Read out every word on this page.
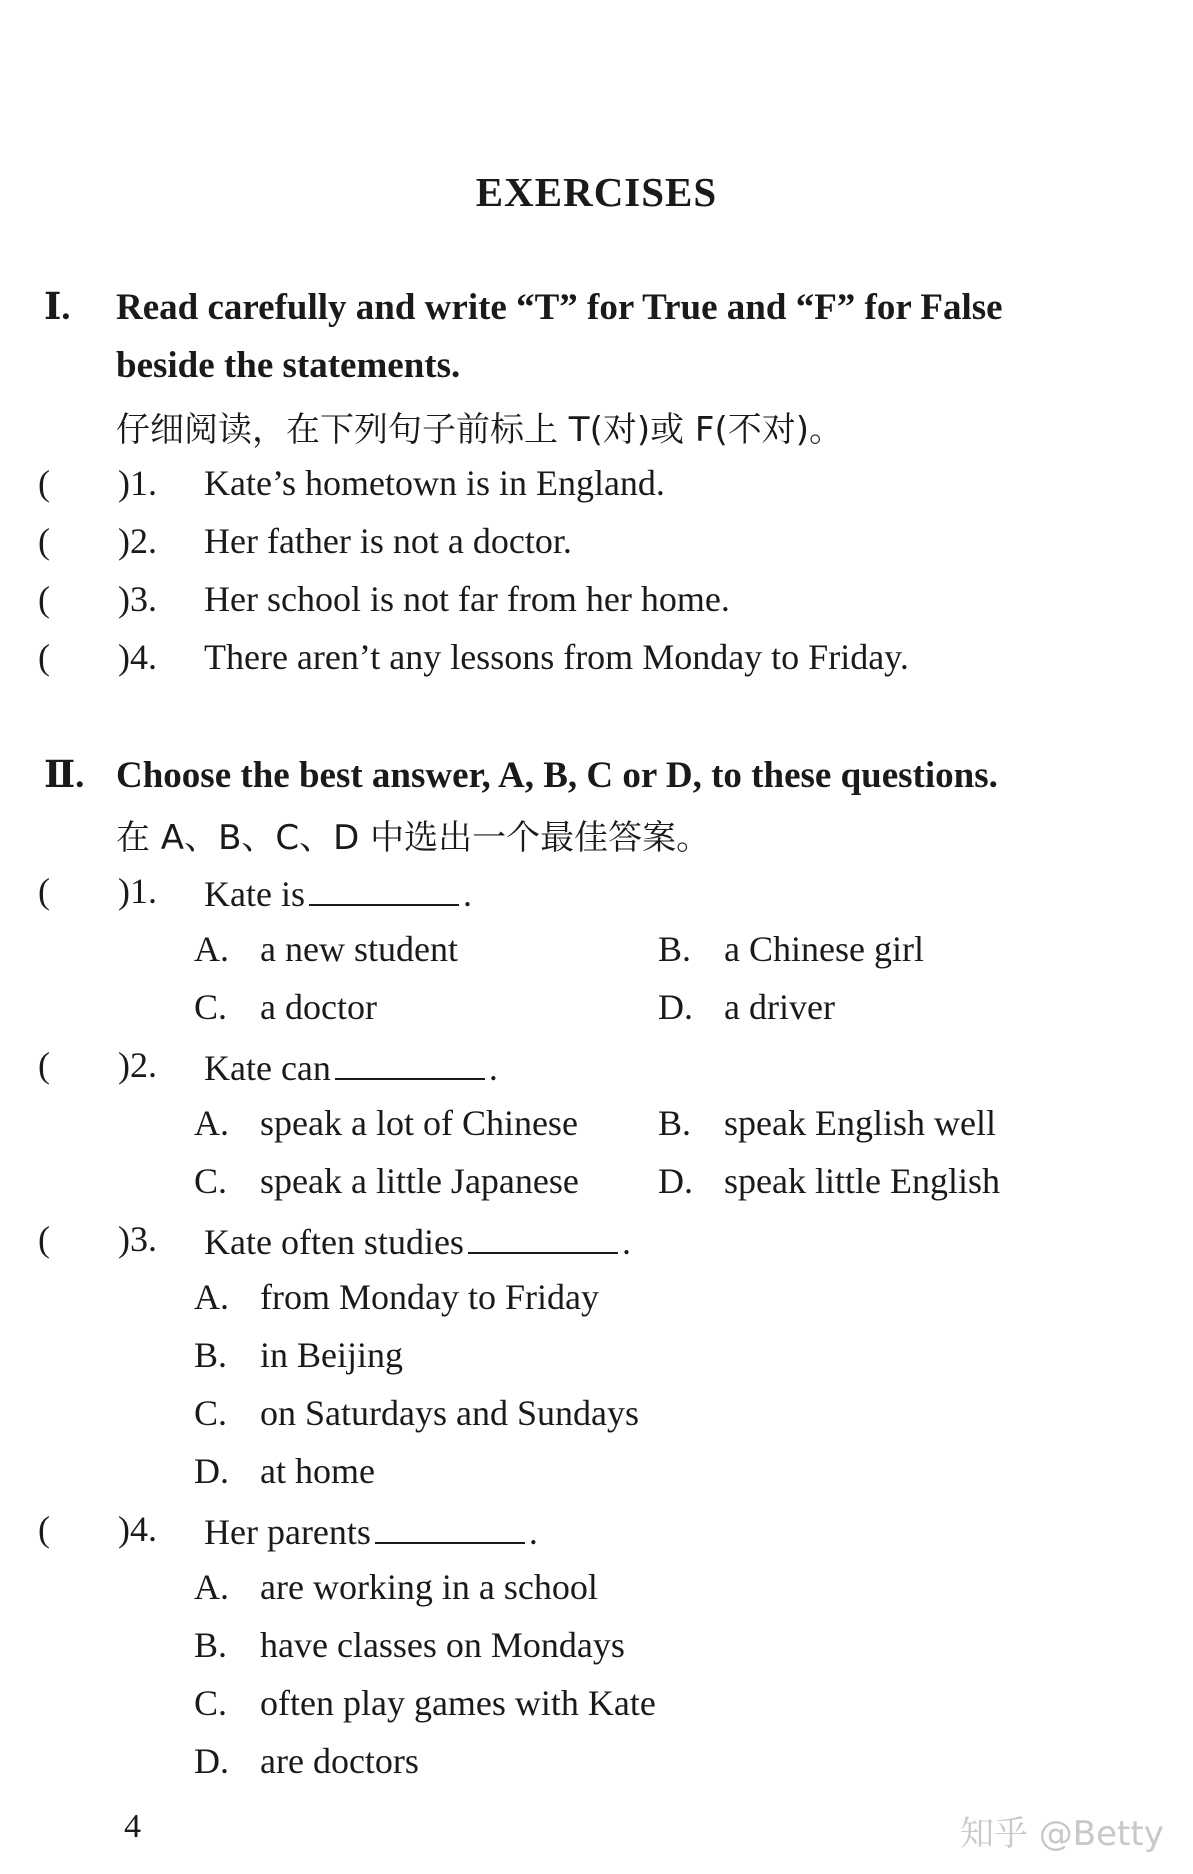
EXERCISES
Ⅰ. Read carefully and write “T” for True and “F” for False
beside the statements.
仔细阅读，在下列句子前标上 T(对)或 F(不对)。
( )1. Kate’s hometown is in England.
( )2. Her father is not a doctor.
( )3. Her school is not far from her home.
( )4. There aren’t any lessons from Monday to Friday.
Ⅱ. Choose the best answer, A, B, C or D, to these questions.
在 A、B、C、D 中选出一个最佳答案。
( )1. Kate is	.
A. a new student	B. a Chinese girl
C. a doctor	D. a driver
( )2. Kate can	.
A. speak a lot of Chinese B. speak English well
C. speak a little Japanese D. speak little English
( )3. Kate often studies	.
A. from Monday to Friday
B. in Beijing
C. on Saturdays and Sundays
D. at home
( )4. Her parents	.
A. are working in a school
B. have classes on Mondays
C. often play games with Kate
D. are doctors
4	知乎 @Betty
